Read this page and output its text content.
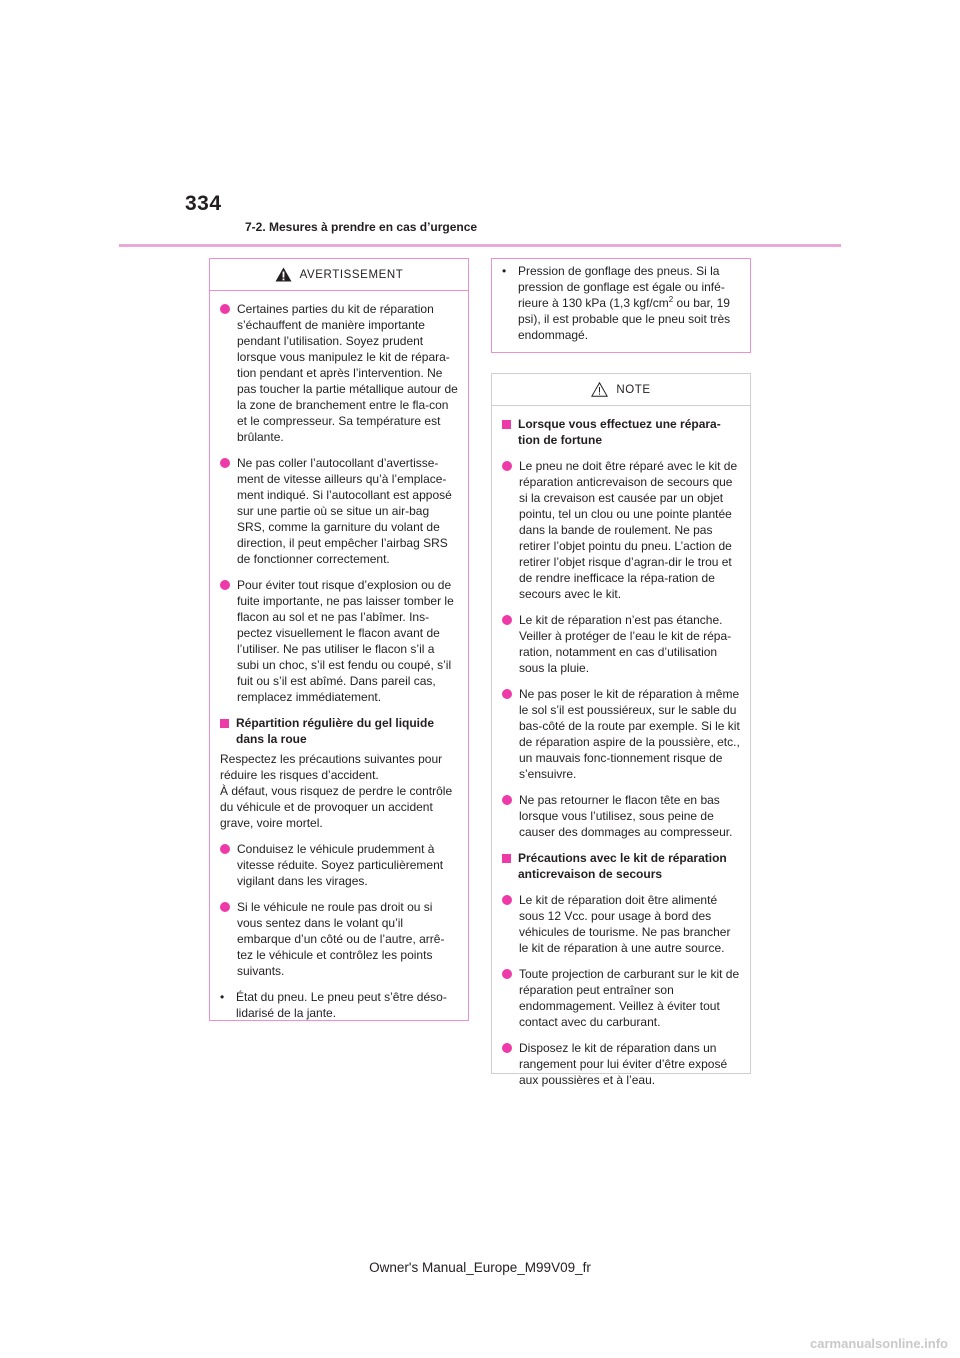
334
7-2. Mesures à prendre en cas d’urgence
AVERTISSEMENT
Certaines parties du kit de réparation s’échauffent de manière importante pendant l’utilisation. Soyez prudent lorsque vous manipulez le kit de répara-tion pendant et après l’intervention. Ne pas toucher la partie métallique autour de la zone de branchement entre le fla-con et le compresseur. Sa température est brûlante.
Ne pas coller l’autocollant d’avertisse-ment de vitesse ailleurs qu’à l’emplace-ment indiqué. Si l’autocollant est apposé sur une partie où se situe un air-bag SRS, comme la garniture du volant de direction, il peut empêcher l’airbag SRS de fonctionner correctement.
Pour éviter tout risque d’explosion ou de fuite importante, ne pas laisser tomber le flacon au sol et ne pas l’abîmer. Ins-pectez visuellement le flacon avant de l’utiliser. Ne pas utiliser le flacon s’il a subi un choc, s’il est fendu ou coupé, s’il fuit ou s’il est abîmé. Dans pareil cas, remplacez immédiatement.
Répartition régulière du gel liquide dans la roue
Respectez les précautions suivantes pour réduire les risques d’accident.
À défaut, vous risquez de perdre le contrôle du véhicule et de provoquer un accident grave, voire mortel.
Conduisez le véhicule prudemment à vitesse réduite. Soyez particulièrement vigilant dans les virages.
Si le véhicule ne roule pas droit ou si vous sentez dans le volant qu’il embarque d’un côté ou de l’autre, arrê-tez le véhicule et contrôlez les points suivants.
• État du pneu. Le pneu peut s’être déso-lidarisé de la jante.
• Pression de gonflage des pneus. Si la pression de gonflage est égale ou infé-rieure à 130 kPa (1,3 kgf/$cm^2$ ou bar, 19 psi), il est probable que le pneu soit très endommagé.
NOTE
Lorsque vous effectuez une répara-tion de fortune
Le pneu ne doit être réparé avec le kit de réparation anticrevaison de secours que si la crevaison est causée par un objet pointu, tel un clou ou une pointe plantée dans la bande de roulement. Ne pas retirer l’objet pointu du pneu. L’action de retirer l’objet risque d’agran-dir le trou et de rendre inefficace la répa-ration de secours avec le kit.
Le kit de réparation n’est pas étanche. Veiller à protéger de l’eau le kit de répa-ration, notamment en cas d’utilisation sous la pluie.
Ne pas poser le kit de réparation à même le sol s’il est poussiéreux, sur le sable du bas-côté de la route par exemple. Si le kit de réparation aspire de la poussière, etc., un mauvais fonc-tionnement risque de s’ensuivre.
Ne pas retourner le flacon tête en bas lorsque vous l’utilisez, sous peine de causer des dommages au compresseur.
Précautions avec le kit de réparation anticrevaison de secours
Le kit de réparation doit être alimenté sous 12 Vcc. pour usage à bord des véhicules de tourisme. Ne pas brancher le kit de réparation à une autre source.
Toute projection de carburant sur le kit de réparation peut entraîner son endommagement. Veillez à éviter tout contact avec du carburant.
Disposez le kit de réparation dans un rangement pour lui éviter d’être exposé aux poussières et à l’eau.
Owner's Manual_Europe_M99V09_fr
carmanualsonline.info
